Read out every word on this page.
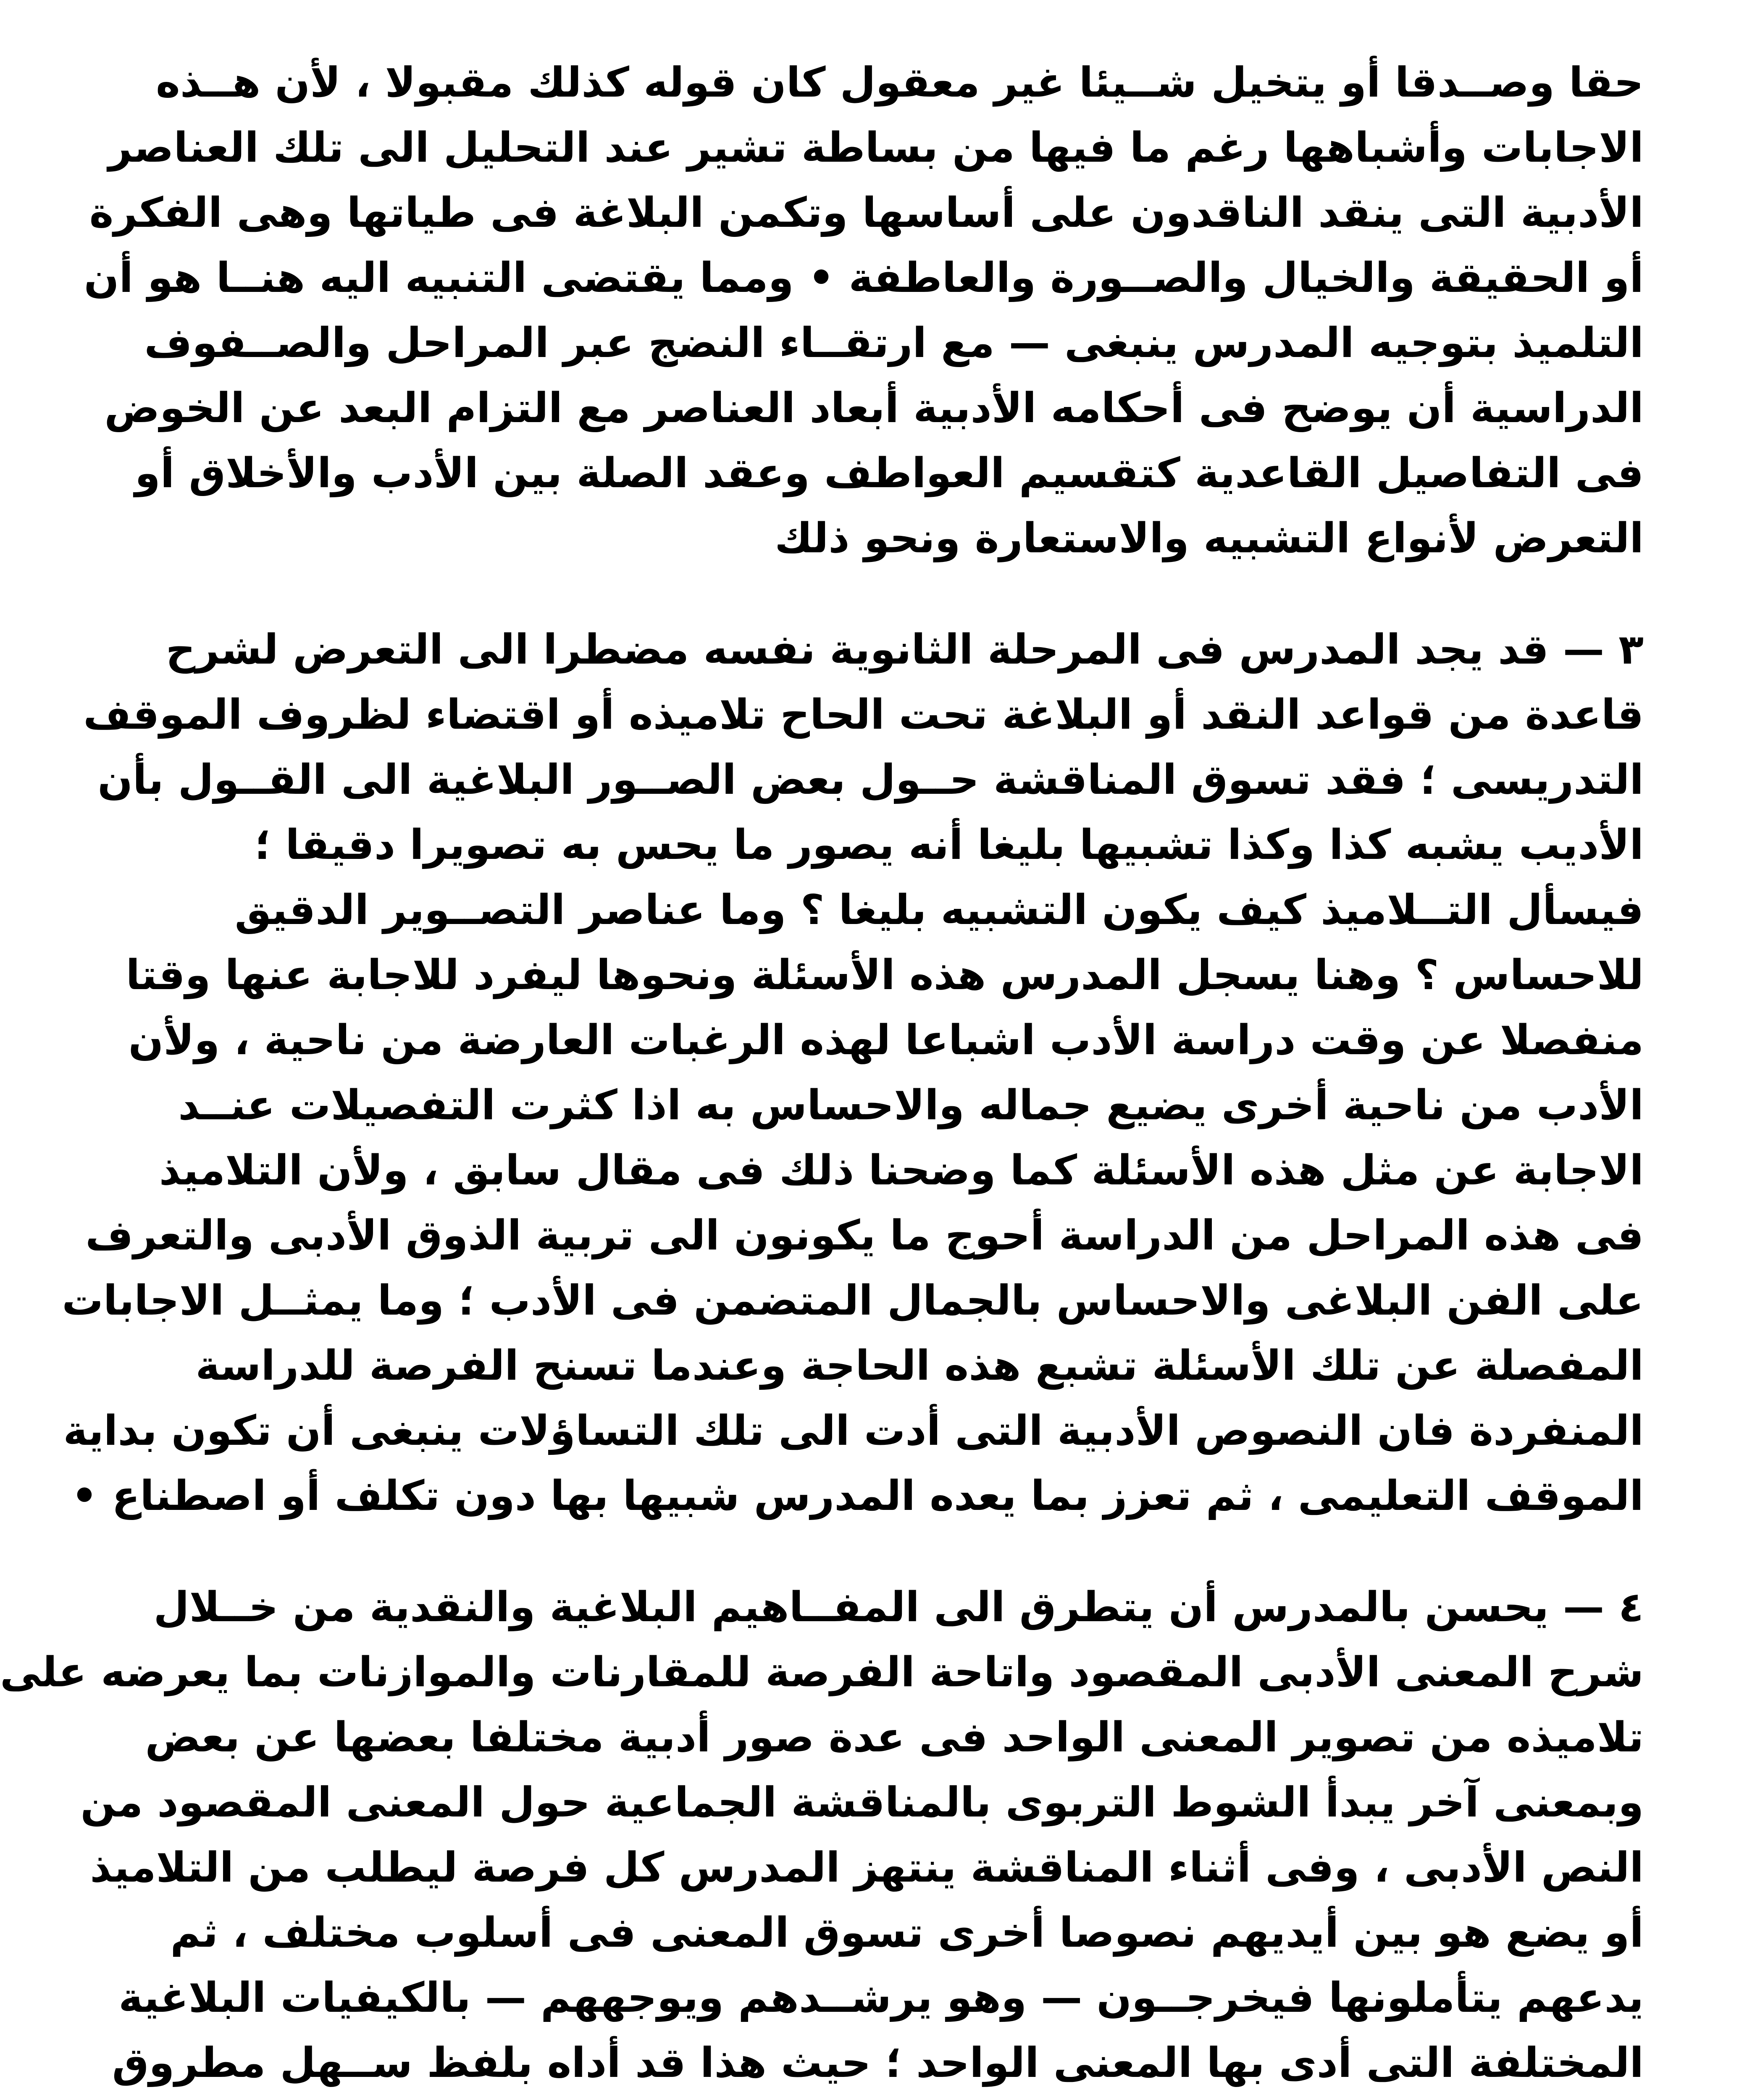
حقا وصــدقا أو يتخيل شــيئا غير معقول كان قوله كذلك مقبولا ، لأن هــذه
الاجابات وأشباهها رغم ما فيها من بساطة تشير عند التحليل الى تلك العناصر
الأدبية التى ينقد الناقدون على أساسها وتكمن البلاغة فى طياتها وهى الفكرة
أو الحقيقة والخيال والصــورة والعاطفة • ومما يقتضى التنبيه اليه هنــا هو أن
التلميذ بتوجيه المدرس ينبغى — مع ارتقــاء النضج عبر المراحل والصــفوف
الدراسية أن يوضح فى أحكامه الأدبية أبعاد العناصر مع التزام البعد عن الخوض
فى التفاصيل القاعدية كتقسيم العواطف وعقد الصلة بين الأدب والأخلاق أو
التعرض لأنواع التشبيه والاستعارة ونحو ذلك
٣ — قد يجد المدرس فى المرحلة الثانوية نفسه مضطرا الى التعرض لشرح
قاعدة من قواعد النقد أو البلاغة تحت الحاح تلاميذه أو اقتضاء لظروف الموقف
التدريسى ؛ فقد تسوق المناقشة حــول بعض الصــور البلاغية الى القــول بأن
الأديب يشبه كذا وكذا تشبيها بليغا أنه يصور ما يحس به تصويرا دقيقا ؛
فيسأل التــلاميذ كيف يكون التشبيه بليغا ؟ وما عناصر التصــوير الدقيق
للاحساس ؟ وهنا يسجل المدرس هذه الأسئلة ونحوها ليفرد للاجابة عنها وقتا
منفصلا عن وقت دراسة الأدب اشباعا لهذه الرغبات العارضة من ناحية ، ولأن
الأدب من ناحية أخرى يضيع جماله والاحساس به اذا كثرت التفصيلات عنــد
الاجابة عن مثل هذه الأسئلة كما وضحنا ذلك فى مقال سابق ، ولأن التلاميذ
فى هذه المراحل من الدراسة أحوج ما يكونون الى تربية الذوق الأدبى والتعرف
على الفن البلاغى والاحساس بالجمال المتضمن فى الأدب ؛ وما يمثــل الاجابات
المفصلة عن تلك الأسئلة تشبع هذه الحاجة وعندما تسنح الفرصة للدراسة
المنفردة فان النصوص الأدبية التى أدت الى تلك التساؤلات ينبغى أن تكون بداية
الموقف التعليمى ، ثم تعزز بما يعده المدرس شبيها بها دون تكلف أو اصطناع •
٤ — يحسن بالمدرس أن يتطرق الى المفــاهيم البلاغية والنقدية من خــلال
شرح المعنى الأدبى المقصود واتاحة الفرصة للمقارنات والموازنات بما يعرضه على
تلاميذه من تصوير المعنى الواحد فى عدة صور أدبية مختلفا بعضها عن بعض
وبمعنى آخر يبدأ الشوط التربوى بالمناقشة الجماعية حول المعنى المقصود من
النص الأدبى ، وفى أثناء المناقشة ينتهز المدرس كل فرصة ليطلب من التلاميذ
أو يضع هو بين أيديهم نصوصا أخرى تسوق المعنى فى أسلوب مختلف ، ثم
يدعهم يتأملونها فيخرجــون — وهو يرشــدهم ويوجههم — بالكيفيات البلاغية
المختلفة التى أدى بها المعنى الواحد ؛ حيث هذا قد أداه بلفظ ســهل مطروق
